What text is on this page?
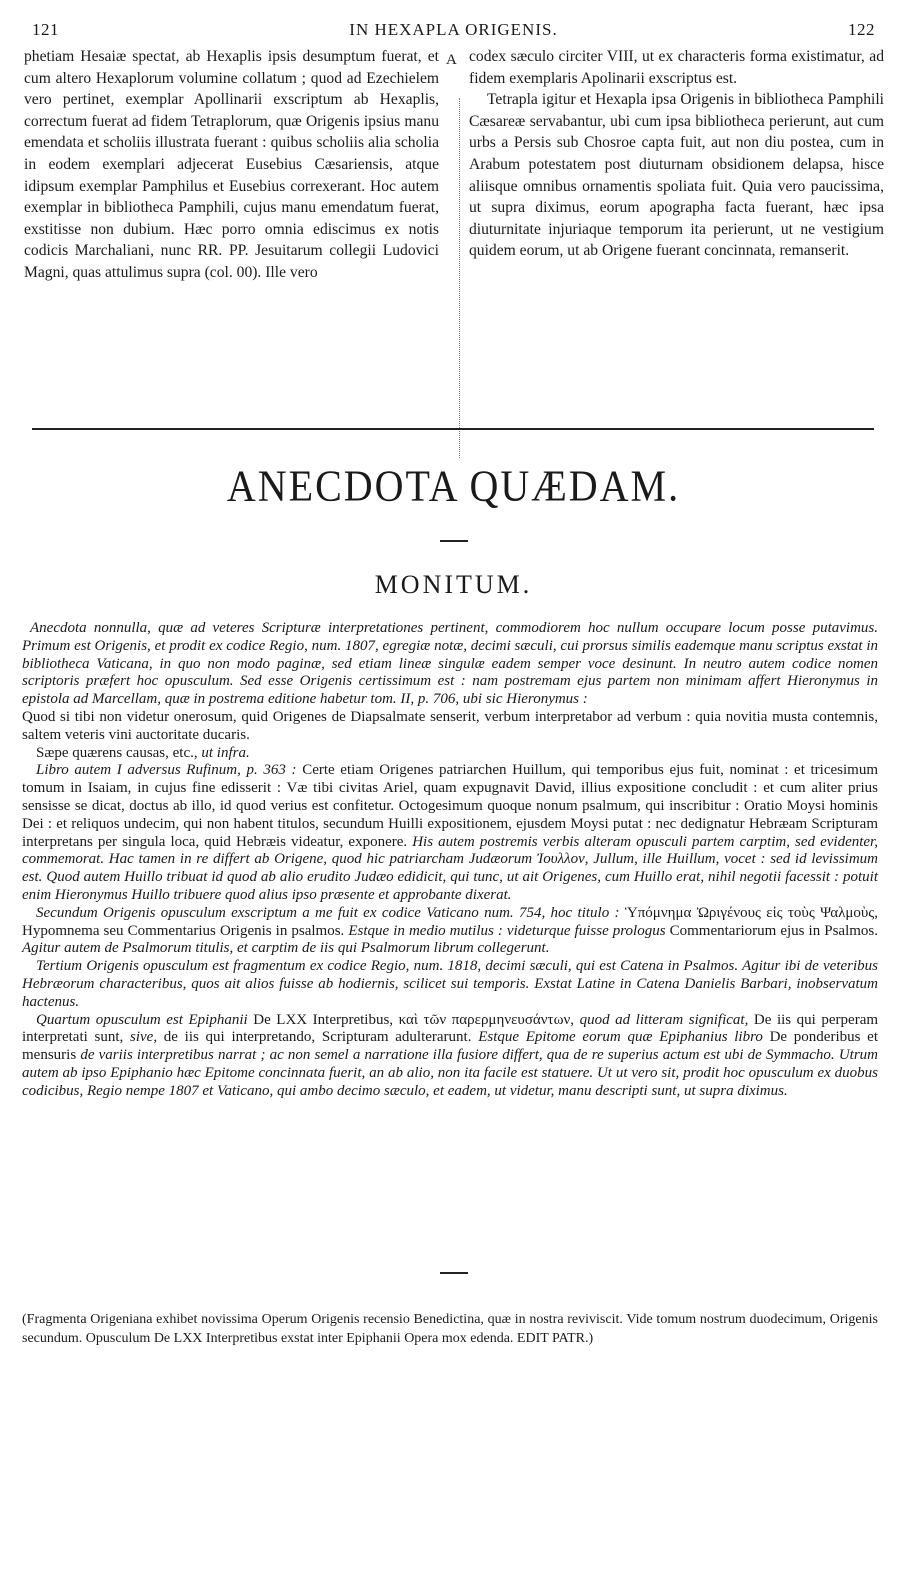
121	IN HEXAPLA ORIGENIS.	122

phetiam Hesaiæ spectat, ab Hexaplis ipsis desumptum fuerat, et cum altero Hexaplorum volumine collatum ; quod ad Ezechielem vero pertinet, exemplar Apollinarii exscriptum ab Hexaplis, correctum fuerat ad fidem Tetraplorum, quæ Origenis ipsius manu emendata et scholiis illustrata fuerant : quibus scholiis alia scholia in eodem exemplari adjecerat Eusebius Cæsariensis, atque idipsum exemplar Pamphilus et Eusebius correxerant. Hoc autem exemplar in bibliotheca Pamphili, cujus manu emendatum fuerat, exstitisse non dubium. Hæc porro omnia ediscimus ex notis codicis Marchaliani, nunc RR. PP. Jesuitarum collegii Ludovici Magni, quas attulimus supra (col. 00). Ille vero

A codex sæculo circiter VIII, ut ex characteris forma existimatur, ad fidem exemplaris Apolinarii exscriptus est.

Tetrapla igitur et Hexapla ipsa Origenis in bibliotheca Pamphili Cæsareæ servabantur, ubi cum ipsa bibliotheca perierunt, aut cum urbs a Persis sub Chosroe capta fuit, aut non diu postea, cum in Arabum potestatem post diuturnam obsidionem delapsa, hisce aliisque omnibus ornamentis spoliata fuit. Quia vero paucissima, ut supra diximus, eorum apographa facta fuerant, hæc ipsa diuturnitate injuriaque temporum ita perierunt, ut ne vestigium quidem eorum, ut ab Origene fuerant concinnata, remanserit.

ANECDOTA QUÆDAM.
MONITUM.

Anecdota nonnulla, quæ ad veteres Scripturæ interpretationes pertinent, commodiorem hoc nullum occupare locum posse putavimus. Primum est Origenis, et prodit ex codice Regio, num. 1807, egregiæ notæ, decimi sæculi, cui prorsus similis eademque manu scriptus exstat in bibliotheca Vaticana, in quo non modo paginæ, sed etiam lineæ singulæ eadem semper voce desinunt. In neutro autem codice nomen scriptoris præfert hoc opusculum. Sed esse Origenis certissimum est : nam postremam ejus partem non minimam affert Hieronymus in epistola ad Marcellam, quæ in postrema editione habetur tom. II, p. 706, ubi sic Hieronymus :

Quod si tibi non videtur onerosum, quid Origenes de Diapsalmate senserit, verbum interpretabor ad verbum : quia novitia musta contemnis, saltem veteris vini auctoritate ducaris.

Sæpe quærens causas, etc., ut infra.

Libro autem I adversus Rufinum, p. 363 : Certe etiam Origenes patriarchen Huillum, qui temporibus ejus fuit, nominat : et tricesimum tomum in Isaiam, in cujus fine edisserit : Væ tibi civitas Ariel, quam expugnavit David, illius expositione concludit : et cum aliter prius sensisse se dicat, doctus ab illo, id quod verius est confitetur. Octogesimum quoque nonum psalmum, qui inscribitur : Oratio Moysi hominis Dei : et reliquos undecim, qui non habent titulos, secundum Huilli expositionem, ejusdem Moysi putat : nec dedignatur Hebræam Scripturam interpretans per singula loca, quid Hebræis videatur, exponere. His autem postremis verbis alteram opusculi partem carptim, sed evidenter, commemorat. Hac tamen in re differt ab Origene, quod hic patriarcham Judæorum Ἰουλλον, Jullum, ille Huillum, vocet : sed id levissimum est. Quod autem Huillo tribuat id quod ab alio erudito Judæo edidicit, qui tunc, ut ait Origenes, cum Huillo erat, nihil negotii facessit : potuit enim Hieronymus Huillo tribuere quod alius ipso præsente et approbante dixerat.

Secundum Origenis opusculum exscriptum a me fuit ex codice Vaticano num. 754, hoc titulo : Ὑπόμνημα Ὠριγένους εἰς τοὺς Ψαλμοὺς, Hypomnema seu Commentarius Origenis in psalmos. Estque in medio mutilus : videturque fuisse prologus Commentariorum ejus in Psalmos. Agitur autem de Psalmorum titulis, et carptim de iis qui Psalmorum librum collegerunt.

Tertium Origenis opusculum est fragmentum ex codice Regio, num. 1818, decimi sæculi, qui est Catena in Psalmos. Agitur ibi de veteribus Hebræorum characteribus, quos ait alios fuisse ab hodiernis, scilicet sui temporis. Exstat Latine in Catena Danielis Barbari, inobservatum hactenus.

Quartum opusculum est Epiphanii De LXX Interpretibus, καὶ τῶν παρερμηνευσάντων, quod ad litteram significat, De iis qui perperam interpretati sunt, sive, de iis qui interpretando, Scripturam adulterarunt. Estque Epitome eorum quæ Epiphanius libro De ponderibus et mensuris de variis interpretibus narrat ; ac non semel a narratione illa fusiore differt, qua de re superius actum est ubi de Symmacho. Utrum autem ab ipso Epiphanio hæc Epitome concinnata fuerit, an ab alio, non ita facile est statuere. Ut ut vero sit, prodit hoc opusculum ex duobus codicibus, Regio nempe 1807 et Vaticano, qui ambo decimo sæculo, et eadem, ut videtur, manu descripti sunt, ut supra diximus.

(Fragmenta Origeniana exhibet novissima Operum Origenis recensio Benedictina, quæ in nostra reviviscit. Vide tomum nostrum duodecimum, Origenis secundum. Opusculum De LXX Interpretibus exstat inter Epiphanii Opera mox edenda. EDIT PATR.)
